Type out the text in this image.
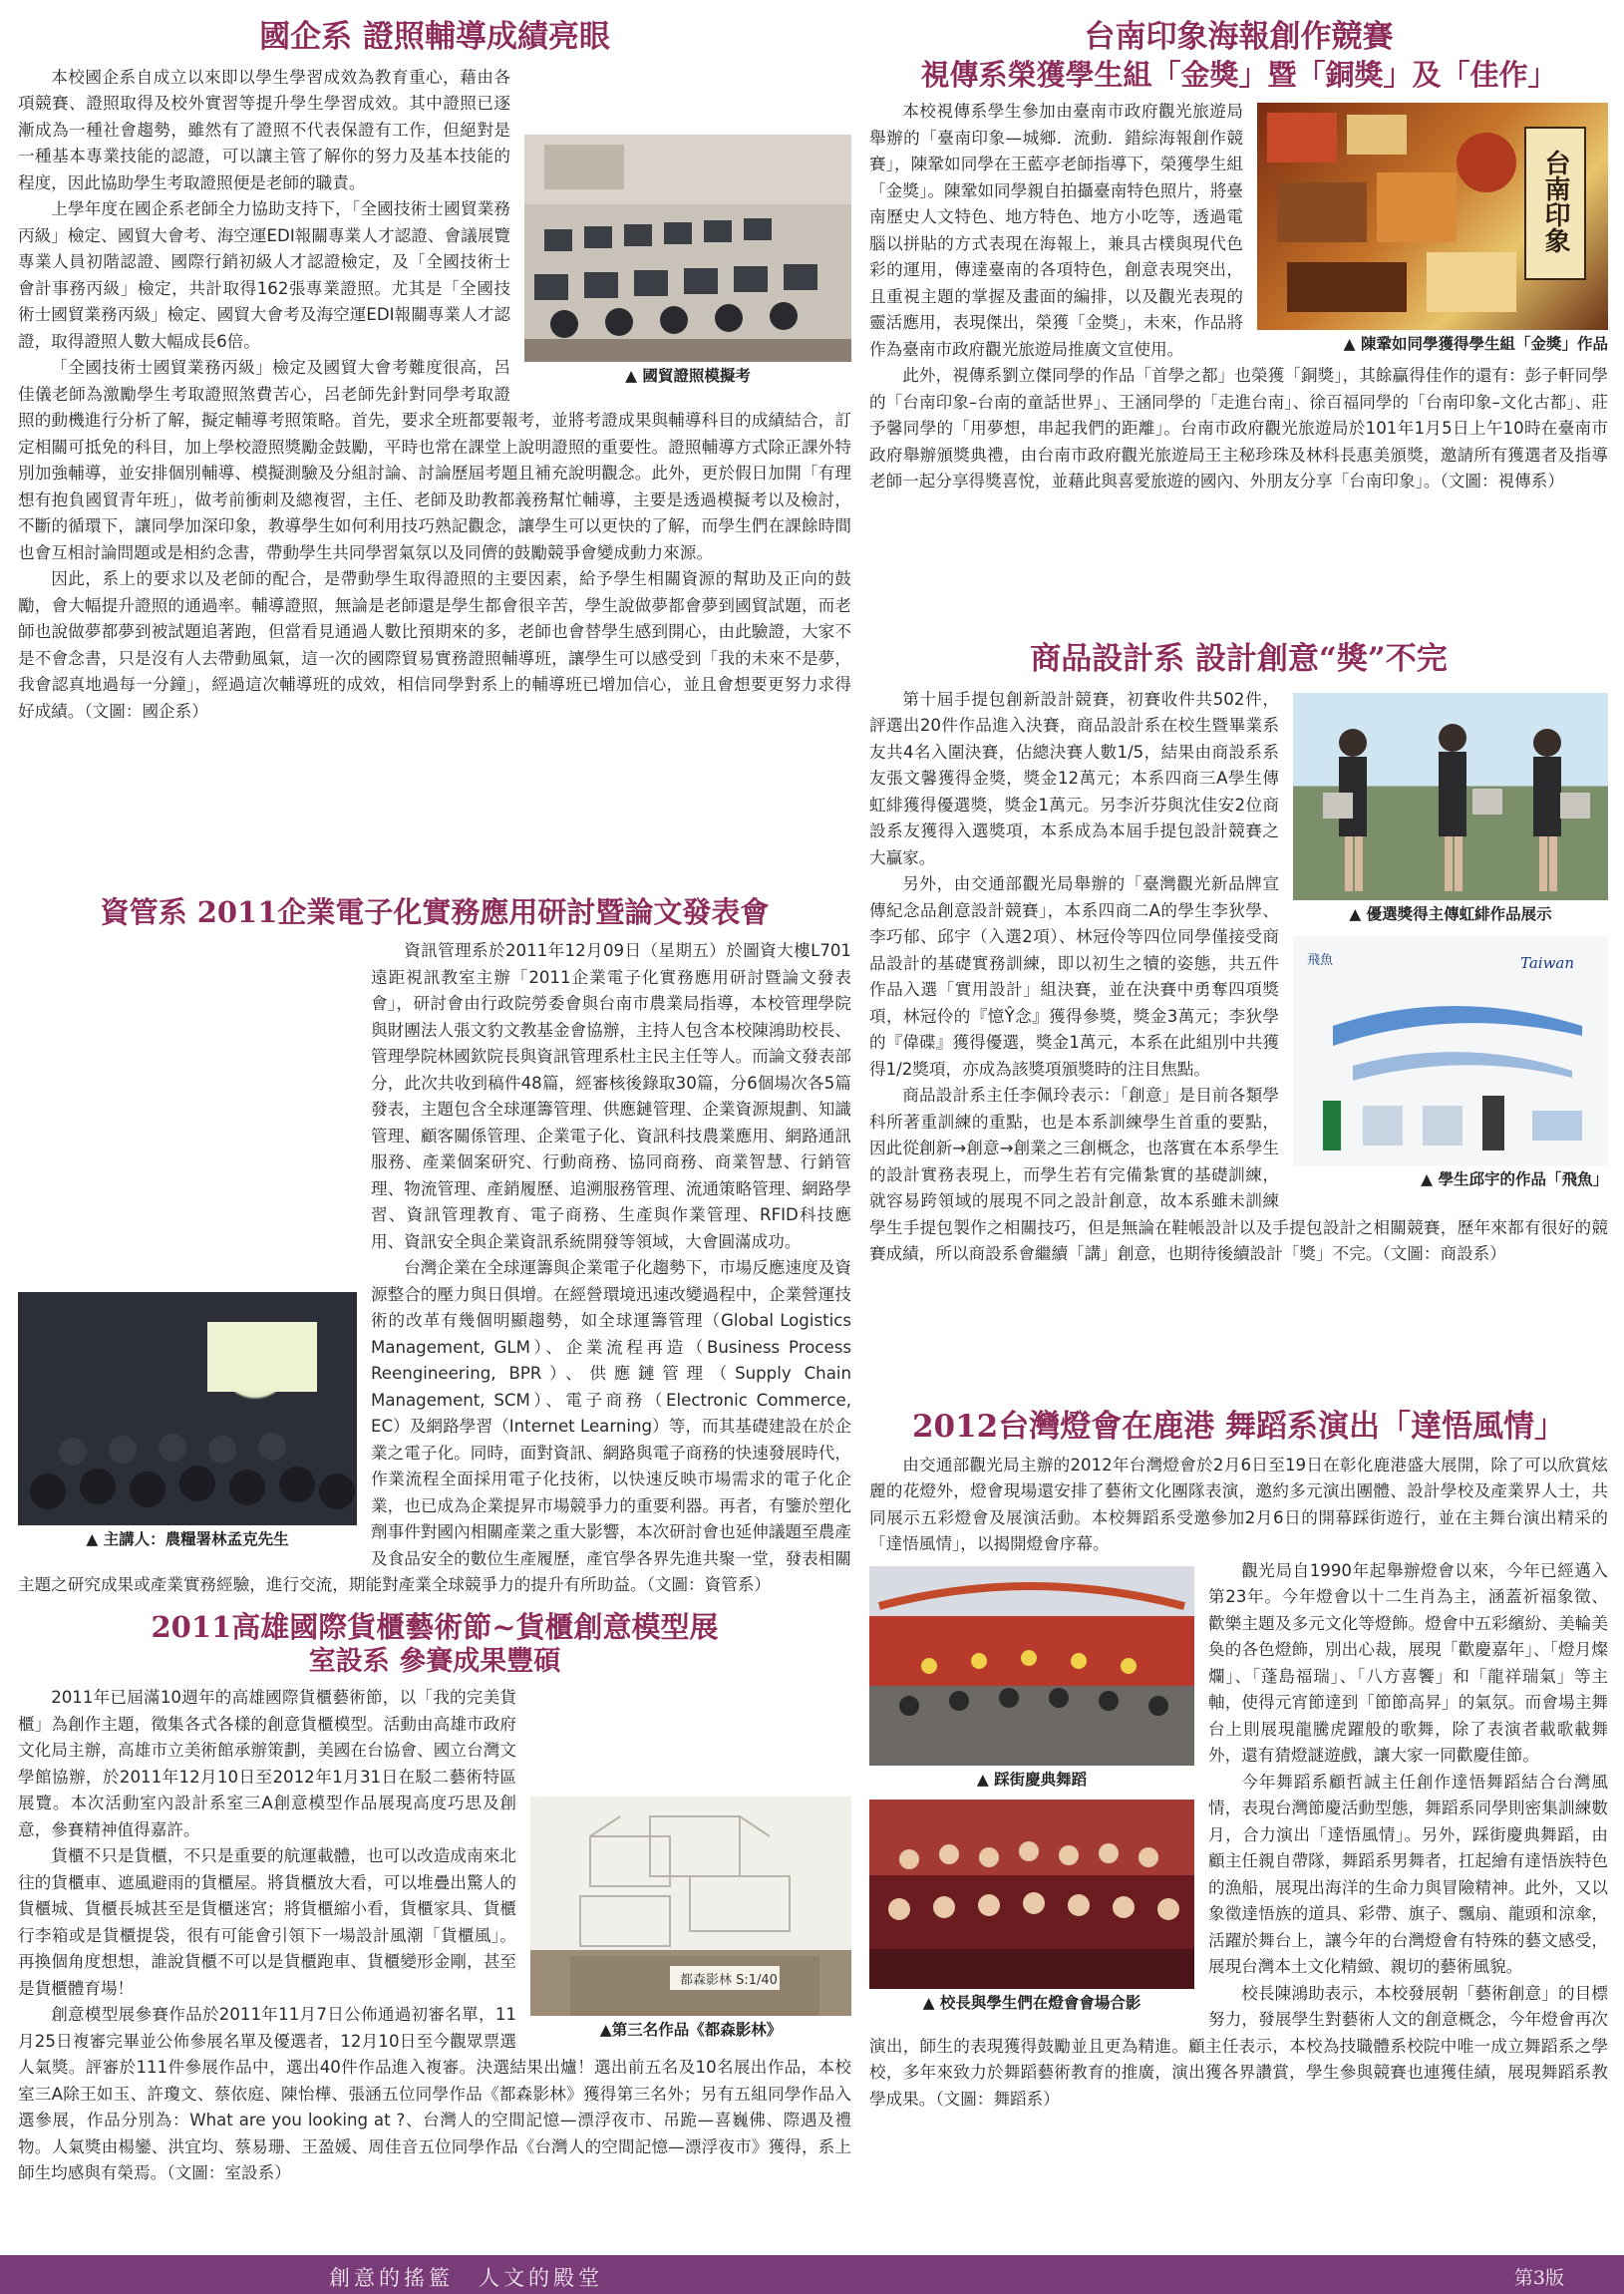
國企系 證照輔導成績亮眼
▲ 國貿證照模擬考

本校國企系自成立以來即以學生學習成效為教育重心，藉由各項競賽、證照取得及校外實習等提升學生學習成效。其中證照已逐漸成為一種社會趨勢，雖然有了證照不代表保證有工作，但絕對是一種基本專業技能的認證，可以讓主管了解你的努力及基本技能的程度，因此協助學生考取證照便是老師的職責。

上學年度在國企系老師全力協助支持下，「全國技術士國貿業務丙級」檢定、國貿大會考、海空運EDI報關專業人才認證、會議展覽專業人員初階認證、國際行銷初級人才認證檢定，及「全國技術士會計事務丙級」檢定，共計取得162張專業證照。尤其是「全國技術士國貿業務丙級」檢定、國貿大會考及海空運EDI報關專業人才認證，取得證照人數大幅成長6倍。

「全國技術士國貿業務丙級」檢定及國貿大會考難度很高，呂佳儀老師為激勵學生考取證照煞費苦心，呂老師先針對同學考取證照的動機進行分析了解，擬定輔導考照策略。首先，要求全班都要報考，並將考證成果與輔導科目的成績結合，訂定相關可抵免的科目，加上學校證照獎勵金鼓勵，平時也常在課堂上說明證照的重要性。證照輔導方式除正課外特別加強輔導，並安排個別輔導、模擬測驗及分組討論、討論歷屆考題且補充說明觀念。此外，更於假日加開「有理想有抱負國貿青年班」，做考前衝刺及總複習，主任、老師及助教都義務幫忙輔導，主要是透過模擬考以及檢討，不斷的循環下，讓同學加深印象，教導學生如何利用技巧熟記觀念，讓學生可以更快的了解，而學生們在課餘時間也會互相討論問題或是相約念書，帶動學生共同學習氣氛以及同儕的鼓勵競爭會變成動力來源。

因此，系上的要求以及老師的配合，是帶動學生取得證照的主要因素，給予學生相關資源的幫助及正向的鼓勵，會大幅提升證照的通過率。輔導證照，無論是老師還是學生都會很辛苦，學生說做夢都會夢到國貿試題，而老師也說做夢都夢到被試題追著跑，但當看見通過人數比預期來的多，老師也會替學生感到開心，由此驗證，大家不是不會念書，只是沒有人去帶動風氣，這一次的國際貿易實務證照輔導班，讓學生可以感受到「我的未來不是夢，我會認真地過每一分鐘」，經過這次輔導班的成效，相信同學對系上的輔導班已增加信心，並且會想要更努力求得好成績。（文圖：國企系）

資管系 2011企業電子化實務應用研討暨論文發表會
▲ 主講人：農糧署林孟克先生

資訊管理系於2011年12月09日（星期五）於圖資大樓L701遠距視訊教室主辦「2011企業電子化實務應用研討暨論文發表會」，研討會由行政院勞委會與台南市農業局指導，本校管理學院與財團法人張文豹文教基金會協辦，主持人包含本校陳鴻助校長、管理學院林國欽院長與資訊管理系杜主民主任等人。而論文發表部分，此次共收到稿件48篇，經審核後錄取30篇，分6個場次各5篇發表，主題包含全球運籌管理、供應鏈管理、企業資源規劃、知識管理、顧客關係管理、企業電子化、資訊科技農業應用、網路通訊服務、產業個案研究、行動商務、協同商務、商業智慧、行銷管理、物流管理、產銷履歷、追溯服務管理、流通策略管理、網路學習、資訊管理教育、電子商務、生產與作業管理、RFID科技應用、資訊安全與企業資訊系統開發等領域，大會圓滿成功。

台灣企業在全球運籌與企業電子化趨勢下，市場反應速度及資源整合的壓力與日俱增。在經營環境迅速改變過程中，企業營運技術的改革有幾個明顯趨勢，如全球運籌管理（Global Logistics Management, GLM）、企業流程再造（Business Process Reengineering, BPR）、供應鏈管理（Supply Chain Management, SCM）、電子商務（Electronic Commerce, EC）及網路學習（Internet Learning）等，而其基礎建設在於企業之電子化。同時，面對資訊、網路與電子商務的快速發展時代，作業流程全面採用電子化技術，以快速反映市場需求的電子化企業，也已成為企業提昇市場競爭力的重要利器。再者，有鑒於塑化劑事件對國內相關產業之重大影響，本次研討會也延伸議題至農產及食品安全的數位生產履歷，產官學各界先進共聚一堂，發表相關主題之研究成果或產業實務經驗，進行交流，期能對產業全球競爭力的提升有所助益。（文圖：資管系）

2011高雄國際貨櫃藝術節~貨櫃創意模型展
室設系 參賽成果豐碩
都森影林 S:1/40
▲第三名作品《都森影林》

2011年已屆滿10週年的高雄國際貨櫃藝術節，以「我的完美貨櫃」為創作主題，徵集各式各樣的創意貨櫃模型。活動由高雄市政府文化局主辦，高雄市立美術館承辦策劃，美國在台協會、國立台灣文學館協辦，於2011年12月10日至2012年1月31日在駁二藝術特區展覽。本次活動室內設計系室三A創意模型作品展現高度巧思及創意，參賽精神值得嘉許。

貨櫃不只是貨櫃，不只是重要的航運載體，也可以改造成南來北往的貨櫃車、遮風避雨的貨櫃屋。將貨櫃放大看，可以堆疊出驚人的貨櫃城、貨櫃長城甚至是貨櫃迷宮；將貨櫃縮小看，貨櫃家具、貨櫃行李箱或是貨櫃提袋，很有可能會引領下一場設計風潮「貨櫃風」。再換個角度想想，誰說貨櫃不可以是貨櫃跑車、貨櫃變形金剛，甚至是貨櫃體育場！

創意模型展參賽作品於2011年11月7日公佈通過初審名單，11月25日複審完畢並公佈參展名單及優選者，12月10日至今觀眾票選人氣獎。評審於111件參展作品中，選出40件作品進入複審。決選結果出爐！選出前五名及10名展出作品，本校室三A除王如玉、許瓊文、蔡依庭、陳怡樺、張涵五位同學作品《都森影林》獲得第三名外；另有五組同學作品入選參展，作品分別為：What are you looking at ?、台灣人的空間記憶—漂浮夜市、吊跪—喜巍佛、際遇及禮物。人氣獎由楊鑾、洪宜均、蔡易珊、王盈媛、周佳音五位同學作品《台灣人的空間記憶—漂浮夜市》獲得，系上師生均感與有榮焉。（文圖：室設系）

台南印象海報創作競賽
視傳系榮獲學生組「金獎」暨「銅獎」及「佳作」
台南印象
▲ 陳鞏如同學獲得學生組「金獎」作品

本校視傳系學生參加由臺南市政府觀光旅遊局舉辦的「臺南印象—城鄉．流動．錯綜海報創作競賽」，陳鞏如同學在王藍亭老師指導下，榮獲學生組「金獎」。陳鞏如同學親自拍攝臺南特色照片，將臺南歷史人文特色、地方特色、地方小吃等，透過電腦以拼貼的方式表現在海報上，兼具古樸與現代色彩的運用，傳達臺南的各項特色，創意表現突出，且重視主題的掌握及畫面的編排，以及觀光表現的靈活應用，表現傑出，榮獲「金獎」，未來，作品將作為臺南市政府觀光旅遊局推廣文宣使用。

此外，視傳系劉立傑同學的作品「首學之都」也榮獲「銅獎」，其餘贏得佳作的還有：彭子軒同學的「台南印象–台南的童話世界」、王涵同學的「走進台南」、徐百福同學的「台南印象–文化古都」、莊予馨同學的「用夢想，串起我們的距離」。台南市政府觀光旅遊局於101年1月5日上午10時在臺南市政府舉辦頒獎典禮，由台南市政府觀光旅遊局王主秘珍珠及林科長惠美頒獎，邀請所有獲選者及指導老師一起分享得獎喜悅，並藉此與喜愛旅遊的國內、外朋友分享「台南印象」。（文圖：視傳系）

商品設計系 設計創意“獎”不完
▲ 優選獎得主傳虹緋作品展示
Taiwan
飛魚
▲ 學生邱宇的作品「飛魚」

第十屆手提包創新設計競賽，初賽收件共502件，評選出20件作品進入決賽，商品設計系在校生暨畢業系友共4名入圍決賽，佔總決賽人數1/5，結果由商設系系友張文馨獲得金獎，獎金12萬元；本系四商三A學生傳虹緋獲得優選獎，獎金1萬元。另李沂芬與沈佳安2位商設系友獲得入選獎項，本系成為本屆手提包設計競賽之大贏家。

另外，由交通部觀光局舉辦的「臺灣觀光新品牌宣傳紀念品創意設計競賽」，本系四商二A的學生李狄學、李巧郁、邱宇（入選2項）、林冠伶等四位同學僅接受商品設計的基礎實務訓練，即以初生之犢的姿態，共五件作品入選「實用設計」組決賽，並在決賽中勇奪四項獎項，林冠伶的『憶Ŷ念』獲得參獎，獎金3萬元；李狄學的『偉碟』獲得優選，獎金1萬元，本系在此組別中共獲得1/2獎項，亦成為該獎項頒獎時的注目焦點。

商品設計系主任李佩玲表示：「創意」是目前各類學科所著重訓練的重點，也是本系訓練學生首重的要點，因此從創新→創意→創業之三創概念，也落實在本系學生的設計實務表現上，而學生若有完備紮實的基礎訓練，就容易跨領域的展現不同之設計創意，故本系雖未訓練學生手提包製作之相關技巧，但是無論在鞋帳設計以及手提包設計之相關競賽，歷年來都有很好的競賽成績，所以商設系會繼續「講」創意，也期待後續設計「獎」不完。（文圖：商設系）

2012台灣燈會在鹿港 舞蹈系演出「達悟風情」

由交通部觀光局主辦的2012年台灣燈會於2月6日至19日在彰化鹿港盛大展開，除了可以欣賞炫麗的花燈外，燈會現場還安排了藝術文化團隊表演，邀約多元演出團體、設計學校及產業界人士，共同展示五彩燈會及展演活動。本校舞蹈系受邀參加2月6日的開幕踩街遊行，並在主舞台演出精采的「達悟風情」，以揭開燈會序幕。

▲ 踩街慶典舞蹈
▲ 校長與學生們在燈會會場合影

觀光局自1990年起舉辦燈會以來，今年已經邁入第23年。今年燈會以十二生肖為主，涵蓋祈福象徵、歡樂主題及多元文化等燈飾。燈會中五彩繽紛、美輪美奐的各色燈飾，別出心裁，展現「歡慶嘉年」、「燈月燦爛」、「蓬島福瑞」、「八方喜饗」和「龍祥瑞氣」等主軸，使得元宵節達到「節節高昇」的氣氛。而會場主舞台上則展現龍騰虎躍般的歌舞，除了表演者載歌載舞外，還有猜燈謎遊戲，讓大家一同歡慶佳節。

今年舞蹈系顧哲誠主任創作達悟舞蹈結合台灣風情，表現台灣節慶活動型態，舞蹈系同學則密集訓練數月，合力演出「達悟風情」。另外，踩街慶典舞蹈，由顧主任親自帶隊，舞蹈系男舞者，扛起繪有達悟族特色的漁船，展現出海洋的生命力與冒險精神。此外，又以象徵達悟族的道具、彩帶、旗子、飄扇、龍頭和涼傘，活躍於舞台上，讓今年的台灣燈會有特殊的藝文感受，展現台灣本土文化精緻、親切的藝術風貌。

校長陳鴻助表示，本校發展朝「藝術創意」的目標努力，發展學生對藝術人文的創意概念，今年燈會再次演出，師生的表現獲得鼓勵並且更為精進。顧主任表示，本校為技職體系校院中唯一成立舞蹈系之學校，多年來致力於舞蹈藝術教育的推廣，演出獲各界讚賞，學生參與競賽也連獲佳績，展現舞蹈系教學成果。（文圖：舞蹈系）

創意的搖籃　人文的殿堂	第3版
